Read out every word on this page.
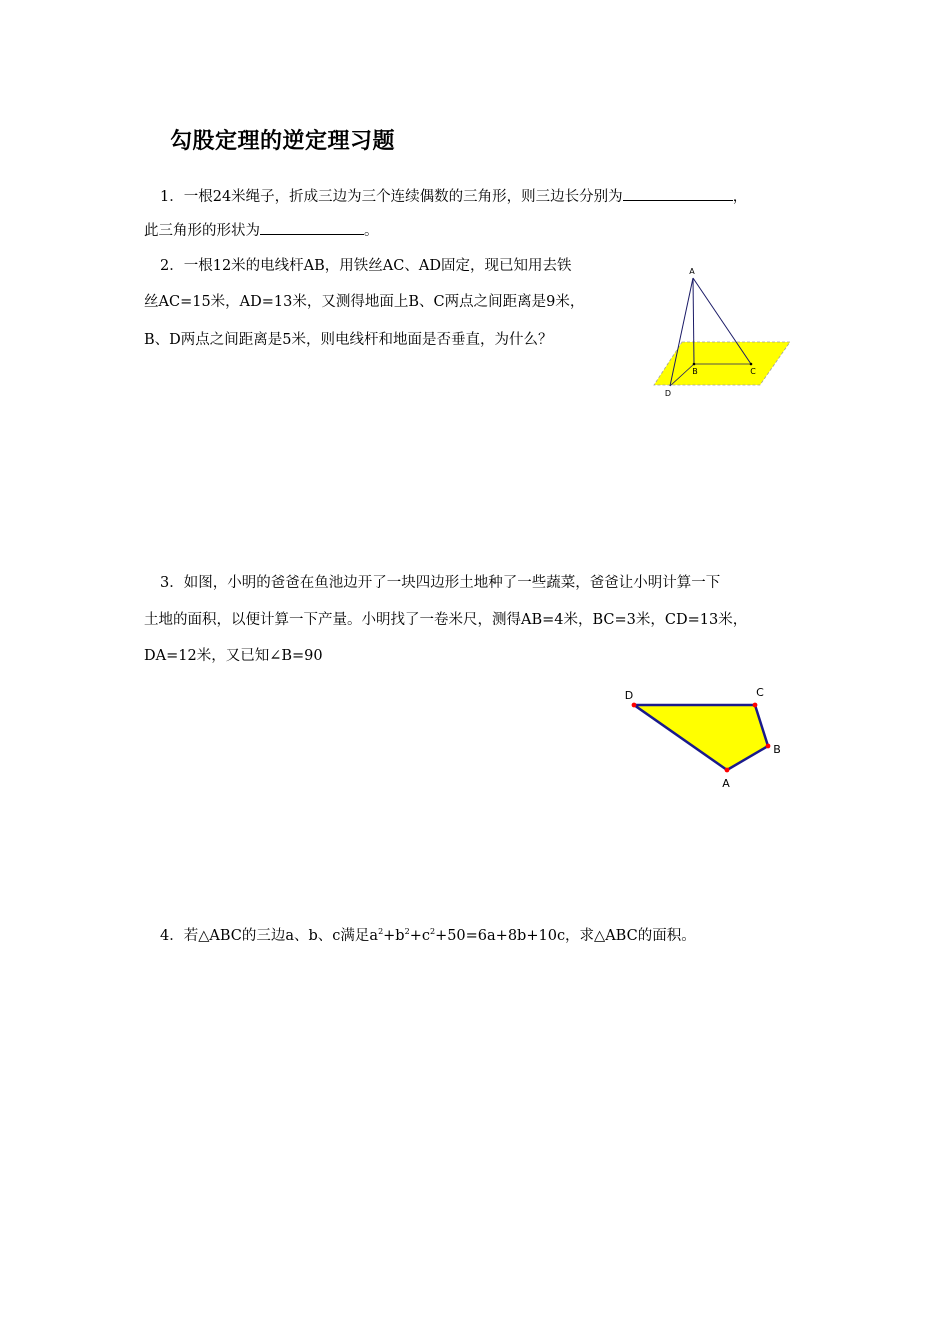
勾股定理的逆定理习题
1．一根24米绳子，折成三边为三个连续偶数的三角形，则三边长分别为	，
此三角形的形状为	。
2．一根12米的电线杆AB，用铁丝AC、AD固定，现已知用去铁
丝AC=15米，AD=13米，又测得地面上B、C两点之间距离是9米，
B、D两点之间距离是5米，则电线杆和地面是否垂直，为什么？
A
B	C
D
3．如图，小明的爸爸在鱼池边开了一块四边形土地种了一些蔬菜，爸爸让小明计算一下
土地的面积，以便计算一下产量。小明找了一卷米尺，测得AB=4米，BC=3米，CD=13米，
DA=12米，又已知∠B=90
D	C
B
A
4．若△ABC的三边a、b、c满足$a^2+b^2+c^2+50=6a+8b+10c$，求△ABC的面积。
